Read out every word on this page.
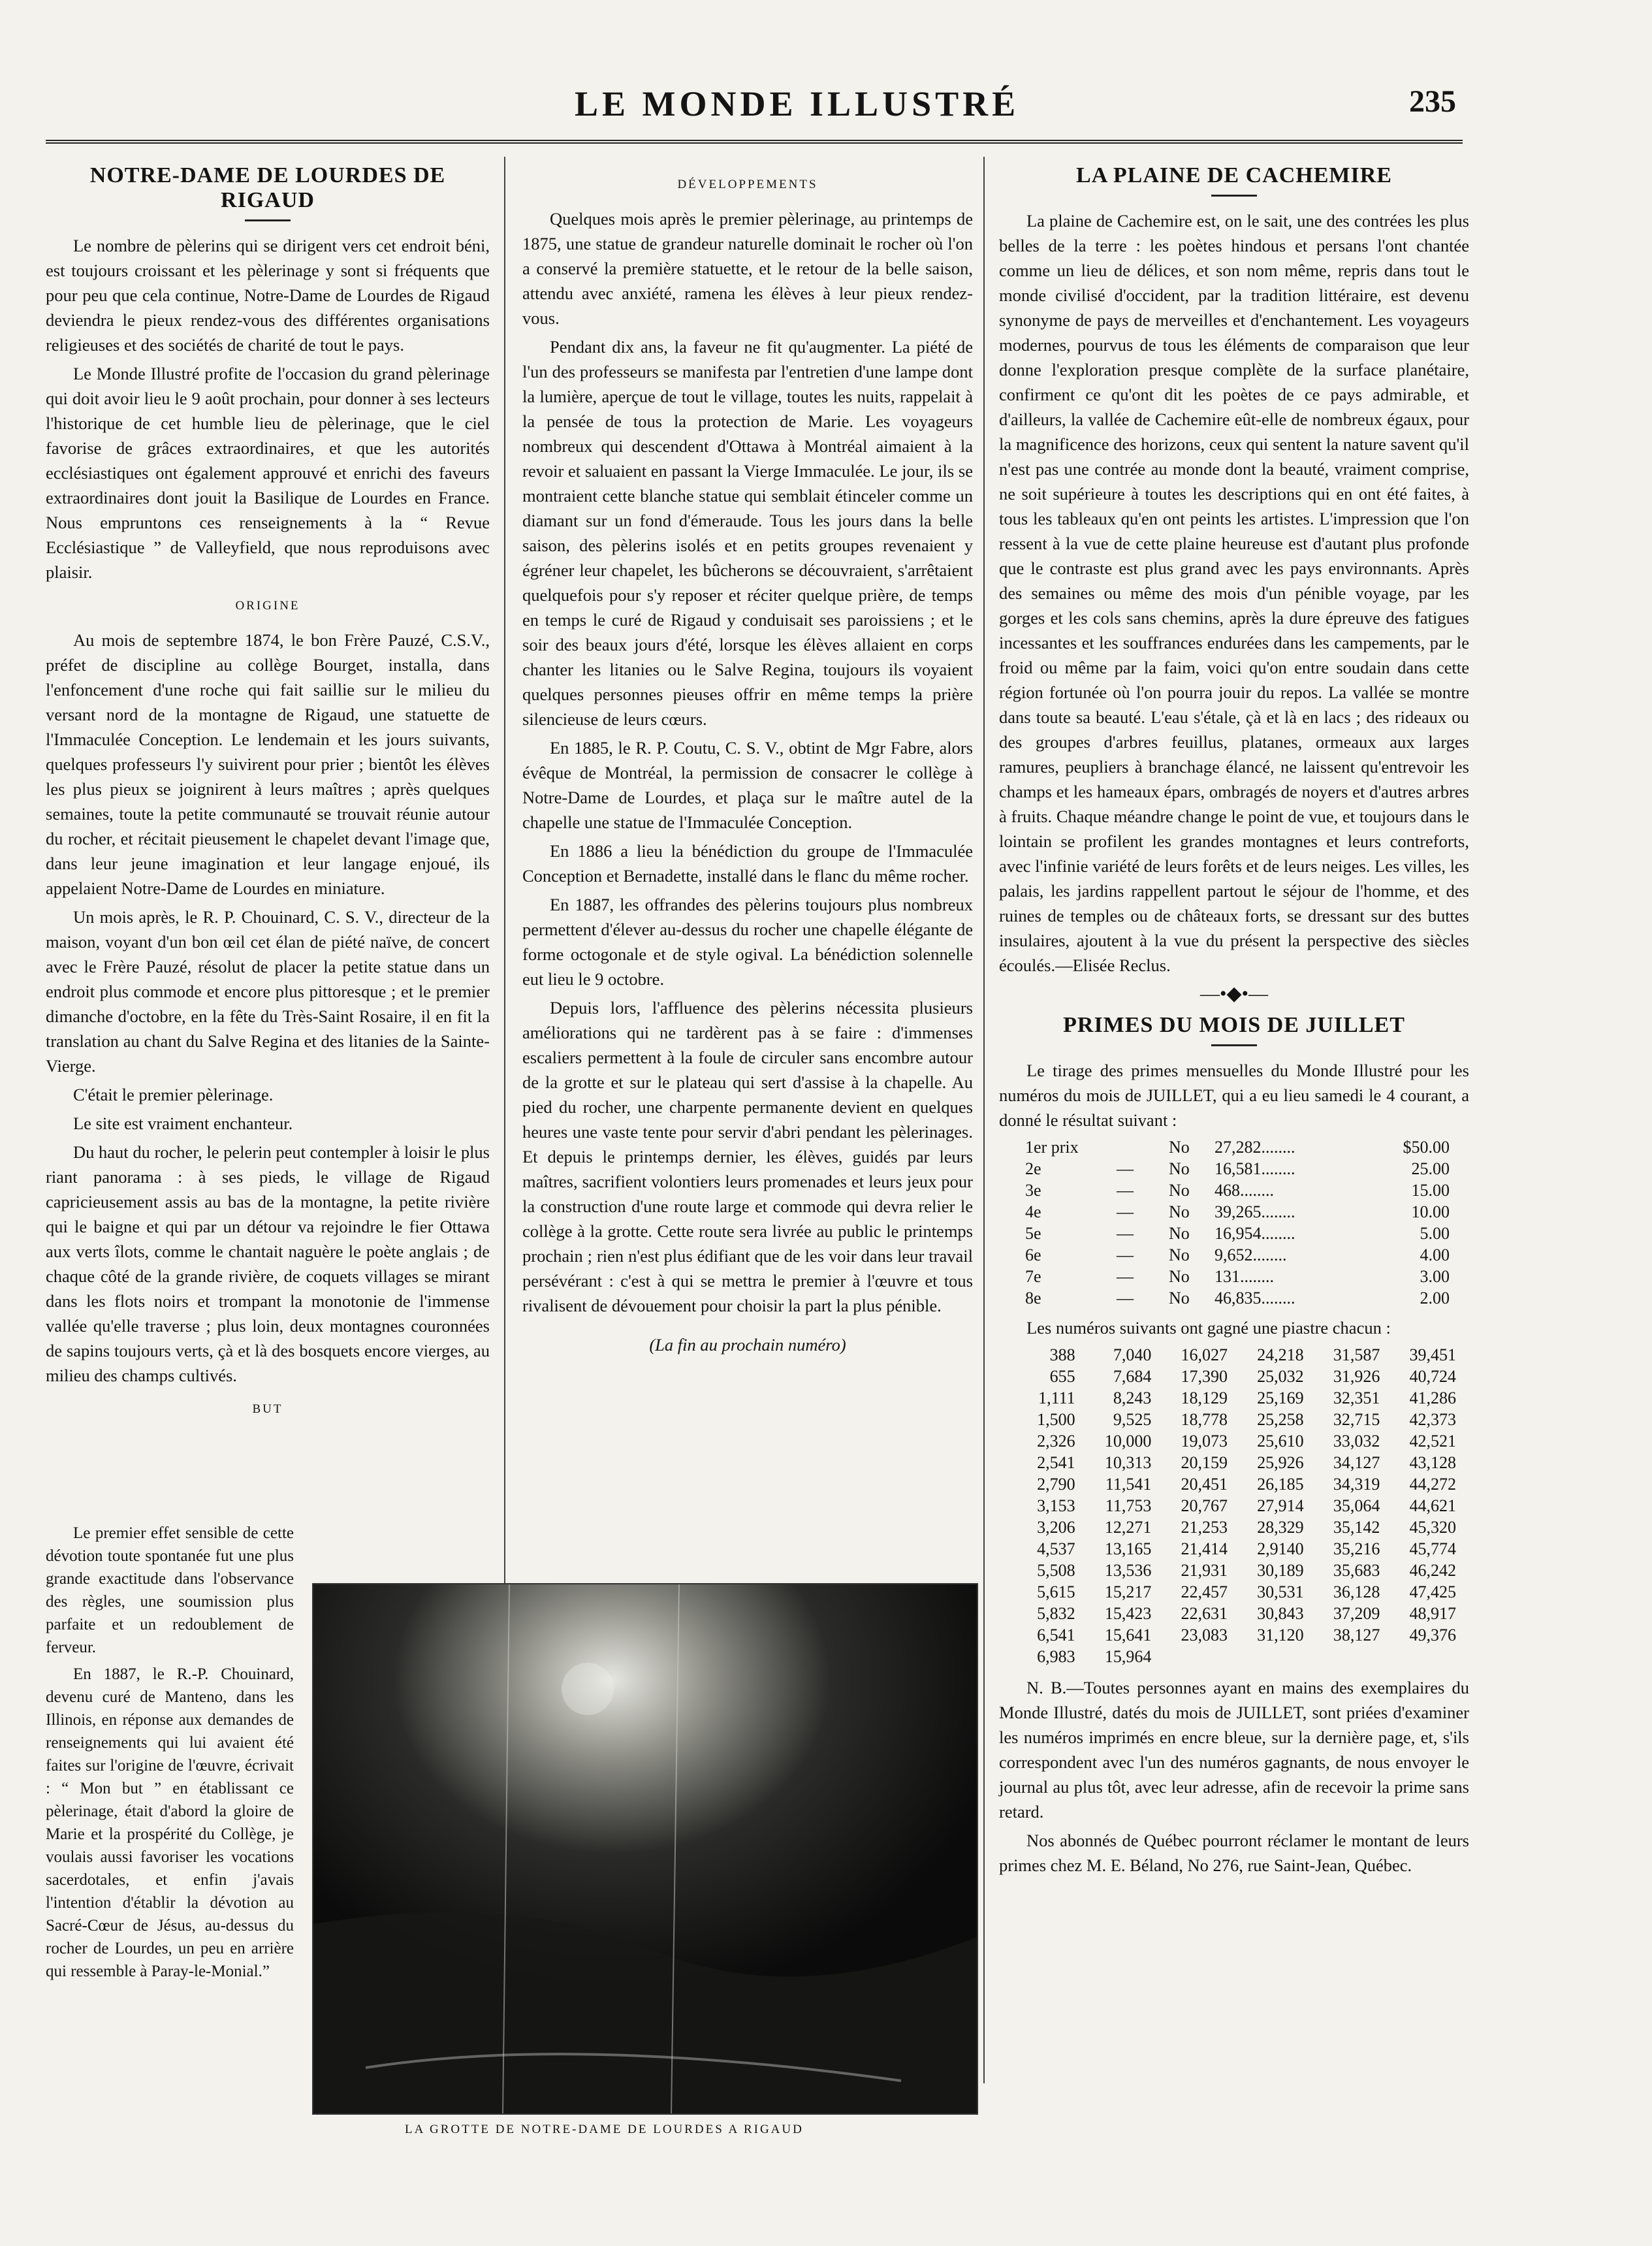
LE MONDE ILLUSTRÉ	235
NOTRE-DAME DE LOURDES DE RIGAUD

Le nombre de pèlerins qui se dirigent vers cet endroit béni, est toujours croissant et les pèlerinage y sont si fréquents que pour peu que cela continue, Notre-Dame de Lourdes de Rigaud deviendra le pieux rendez-vous des différentes organisations religieuses et des sociétés de charité de tout le pays.

Le Monde Illustré profite de l'occasion du grand pèlerinage qui doit avoir lieu le 9 août prochain, pour donner à ses lecteurs l'historique de cet humble lieu de pèlerinage, que le ciel favorise de grâces extraordinaires, et que les autorités ecclésiastiques ont également approuvé et enrichi des faveurs extraordinaires dont jouit la Basilique de Lourdes en France. Nous empruntons ces renseignements à la “ Revue Ecclésiastique ” de Valleyfield, que nous reproduisons avec plaisir.

ORIGINE

Au mois de septembre 1874, le bon Frère Pauzé, C.S.V., préfet de discipline au collège Bourget, installa, dans l'enfoncement d'une roche qui fait saillie sur le milieu du versant nord de la montagne de Rigaud, une statuette de l'Immaculée Conception. Le lendemain et les jours suivants, quelques professeurs l'y suivirent pour prier ; bientôt les élèves les plus pieux se joignirent à leurs maîtres ; après quelques semaines, toute la petite communauté se trouvait réunie autour du rocher, et récitait pieusement le chapelet devant l'image que, dans leur jeune imagination et leur langage enjoué, ils appelaient Notre-Dame de Lourdes en miniature.

Un mois après, le R. P. Chouinard, C. S. V., directeur de la maison, voyant d'un bon œil cet élan de piété naïve, de concert avec le Frère Pauzé, résolut de placer la petite statue dans un endroit plus commode et encore plus pittoresque ; et le premier dimanche d'octobre, en la fête du Très-Saint Rosaire, il en fit la translation au chant du Salve Regina et des litanies de la Sainte-Vierge.

C'était le premier pèlerinage.

Le site est vraiment enchanteur.

Du haut du rocher, le pelerin peut contempler à loisir le plus riant panorama : à ses pieds, le village de Rigaud capricieusement assis au bas de la montagne, la petite rivière qui le baigne et qui par un détour va rejoindre le fier Ottawa aux verts îlots, comme le chantait naguère le poète anglais ; de chaque côté de la grande rivière, de coquets villages se mirant dans les flots noirs et trompant la monotonie de l'immense vallée qu'elle traverse ; plus loin, deux montagnes couronnées de sapins toujours verts, çà et là des bosquets encore vierges, au milieu des champs cultivés.

BUT

Le premier effet sensible de cette dévotion toute spontanée fut une plus grande exactitude dans l'observance des règles, une soumission plus parfaite et un redoublement de ferveur.

En 1887, le R.-P. Chouinard, devenu curé de Manteno, dans les Illinois, en réponse aux demandes de renseignements qui lui avaient été faites sur l'origine de l'œuvre, écrivait : “ Mon but ” en établissant ce pèlerinage, était d'abord la gloire de Marie et la prospérité du Collège, je voulais aussi favoriser les vocations sacerdotales, et enfin j'avais l'intention d'établir la dévotion au Sacré-Cœur de Jésus, au-dessus du rocher de Lourdes, un peu en arrière qui ressemble à Paray-le-Monial.”

DÉVELOPPEMENTS

Quelques mois après le premier pèlerinage, au printemps de 1875, une statue de grandeur naturelle dominait le rocher où l'on a conservé la première statuette, et le retour de la belle saison, attendu avec anxiété, ramena les élèves à leur pieux rendez-vous.

Pendant dix ans, la faveur ne fit qu'augmenter. La piété de l'un des professeurs se manifesta par l'entretien d'une lampe dont la lumière, aperçue de tout le village, toutes les nuits, rappelait à la pensée de tous la protection de Marie. Les voyageurs nombreux qui descendent d'Ottawa à Montréal aimaient à la revoir et saluaient en passant la Vierge Immaculée. Le jour, ils se montraient cette blanche statue qui semblait étinceler comme un diamant sur un fond d'émeraude. Tous les jours dans la belle saison, des pèlerins isolés et en petits groupes revenaient y égréner leur chapelet, les bûcherons se découvraient, s'arrêtaient quelquefois pour s'y reposer et réciter quelque prière, de temps en temps le curé de Rigaud y conduisait ses paroissiens ; et le soir des beaux jours d'été, lorsque les élèves allaient en corps chanter les litanies ou le Salve Regina, toujours ils voyaient quelques personnes pieuses offrir en même temps la prière silencieuse de leurs cœurs.

En 1885, le R. P. Coutu, C. S. V., obtint de Mgr Fabre, alors évêque de Montréal, la permission de consacrer le collège à Notre-Dame de Lourdes, et plaça sur le maître autel de la chapelle une statue de l'Immaculée Conception.

En 1886 a lieu la bénédiction du groupe de l'Immaculée Conception et Bernadette, installé dans le flanc du même rocher.

En 1887, les offrandes des pèlerins toujours plus nombreux permettent d'élever au-dessus du rocher une chapelle élégante de forme octogonale et de style ogival. La bénédiction solennelle eut lieu le 9 octobre.

Depuis lors, l'affluence des pèlerins nécessita plusieurs améliorations qui ne tardèrent pas à se faire : d'immenses escaliers permettent à la foule de circuler sans encombre autour de la grotte et sur le plateau qui sert d'assise à la chapelle. Au pied du rocher, une charpente permanente devient en quelques heures une vaste tente pour servir d'abri pendant les pèlerinages. Et depuis le printemps dernier, les élèves, guidés par leurs maîtres, sacrifient volontiers leurs promenades et leurs jeux pour la construction d'une route large et commode qui devra relier le collège à la grotte. Cette route sera livrée au public le printemps prochain ; rien n'est plus édifiant que de les voir dans leur travail persévérant : c'est à qui se mettra le premier à l'œuvre et tous rivalisent de dévouement pour choisir la part la plus pénible.

(La fin au prochain numéro)

LA GROTTE DE NOTRE-DAME DE LOURDES A RIGAUD
LA PLAINE DE CACHEMIRE

La plaine de Cachemire est, on le sait, une des contrées les plus belles de la terre : les poètes hindous et persans l'ont chantée comme un lieu de délices, et son nom même, repris dans tout le monde civilisé d'occident, par la tradition littéraire, est devenu synonyme de pays de merveilles et d'enchantement. Les voyageurs modernes, pourvus de tous les éléments de comparaison que leur donne l'exploration presque complète de la surface planétaire, confirment ce qu'ont dit les poètes de ce pays admirable, et d'ailleurs, la vallée de Cachemire eût-elle de nombreux égaux, pour la magnificence des horizons, ceux qui sentent la nature savent qu'il n'est pas une contrée au monde dont la beauté, vraiment comprise, ne soit supérieure à toutes les descriptions qui en ont été faites, à tous les tableaux qu'en ont peints les artistes. L'impression que l'on ressent à la vue de cette plaine heureuse est d'autant plus profonde que le contraste est plus grand avec les pays environnants. Après des semaines ou même des mois d'un pénible voyage, par les gorges et les cols sans chemins, après la dure épreuve des fatigues incessantes et les souffrances endurées dans les campements, par le froid ou même par la faim, voici qu'on entre soudain dans cette région fortunée où l'on pourra jouir du repos. La vallée se montre dans toute sa beauté. L'eau s'étale, çà et là en lacs ; des rideaux ou des groupes d'arbres feuillus, platanes, ormeaux aux larges ramures, peupliers à branchage élancé, ne laissent qu'entrevoir les champs et les hameaux épars, ombragés de noyers et d'autres arbres à fruits. Chaque méandre change le point de vue, et toujours dans le lointain se profilent les grandes montagnes et leurs contreforts, avec l'infinie variété de leurs forêts et de leurs neiges. Les villes, les palais, les jardins rappellent partout le séjour de l'homme, et des ruines de temples ou de châteaux forts, se dressant sur des buttes insulaires, ajoutent à la vue du présent la perspective des siècles écoulés.—Elisée Reclus.

—•◆•—
PRIMES DU MOIS DE JUILLET

Le tirage des primes mensuelles du Monde Illustré pour les numéros du mois de JUILLET, qui a eu lieu samedi le 4 courant, a donné le résultat suivant :

1er prix	No	27,282........	$50.00
2e	—	No	16,581........	25.00
3e	—	No	468........	15.00
4e	—	No	39,265........	10.00
5e	—	No	16,954........	5.00
6e	—	No	9,652........	4.00
7e	—	No	131........	3.00
8e	—	No	46,835........	2.00

Les numéros suivants ont gagné une piastre chacun :

388	7,040	16,027	24,218	31,587	39,451
655	7,684	17,390	25,032	31,926	40,724
1,111	8,243	18,129	25,169	32,351	41,286
1,500	9,525	18,778	25,258	32,715	42,373
2,326	10,000	19,073	25,610	33,032	42,521
2,541	10,313	20,159	25,926	34,127	43,128
2,790	11,541	20,451	26,185	34,319	44,272
3,153	11,753	20,767	27,914	35,064	44,621
3,206	12,271	21,253	28,329	35,142	45,320
4,537	13,165	21,414	2,9140	35,216	45,774
5,508	13,536	21,931	30,189	35,683	46,242
5,615	15,217	22,457	30,531	36,128	47,425
5,832	15,423	22,631	30,843	37,209	48,917
6,541	15,641	23,083	31,120	38,127	49,376
6,983	15,964

N. B.—Toutes personnes ayant en mains des exemplaires du Monde Illustré, datés du mois de JUILLET, sont priées d'examiner les numéros imprimés en encre bleue, sur la dernière page, et, s'ils correspondent avec l'un des numéros gagnants, de nous envoyer le journal au plus tôt, avec leur adresse, afin de recevoir la prime sans retard.

Nos abonnés de Québec pourront réclamer le montant de leurs primes chez M. E. Béland, No 276, rue Saint-Jean, Québec.
